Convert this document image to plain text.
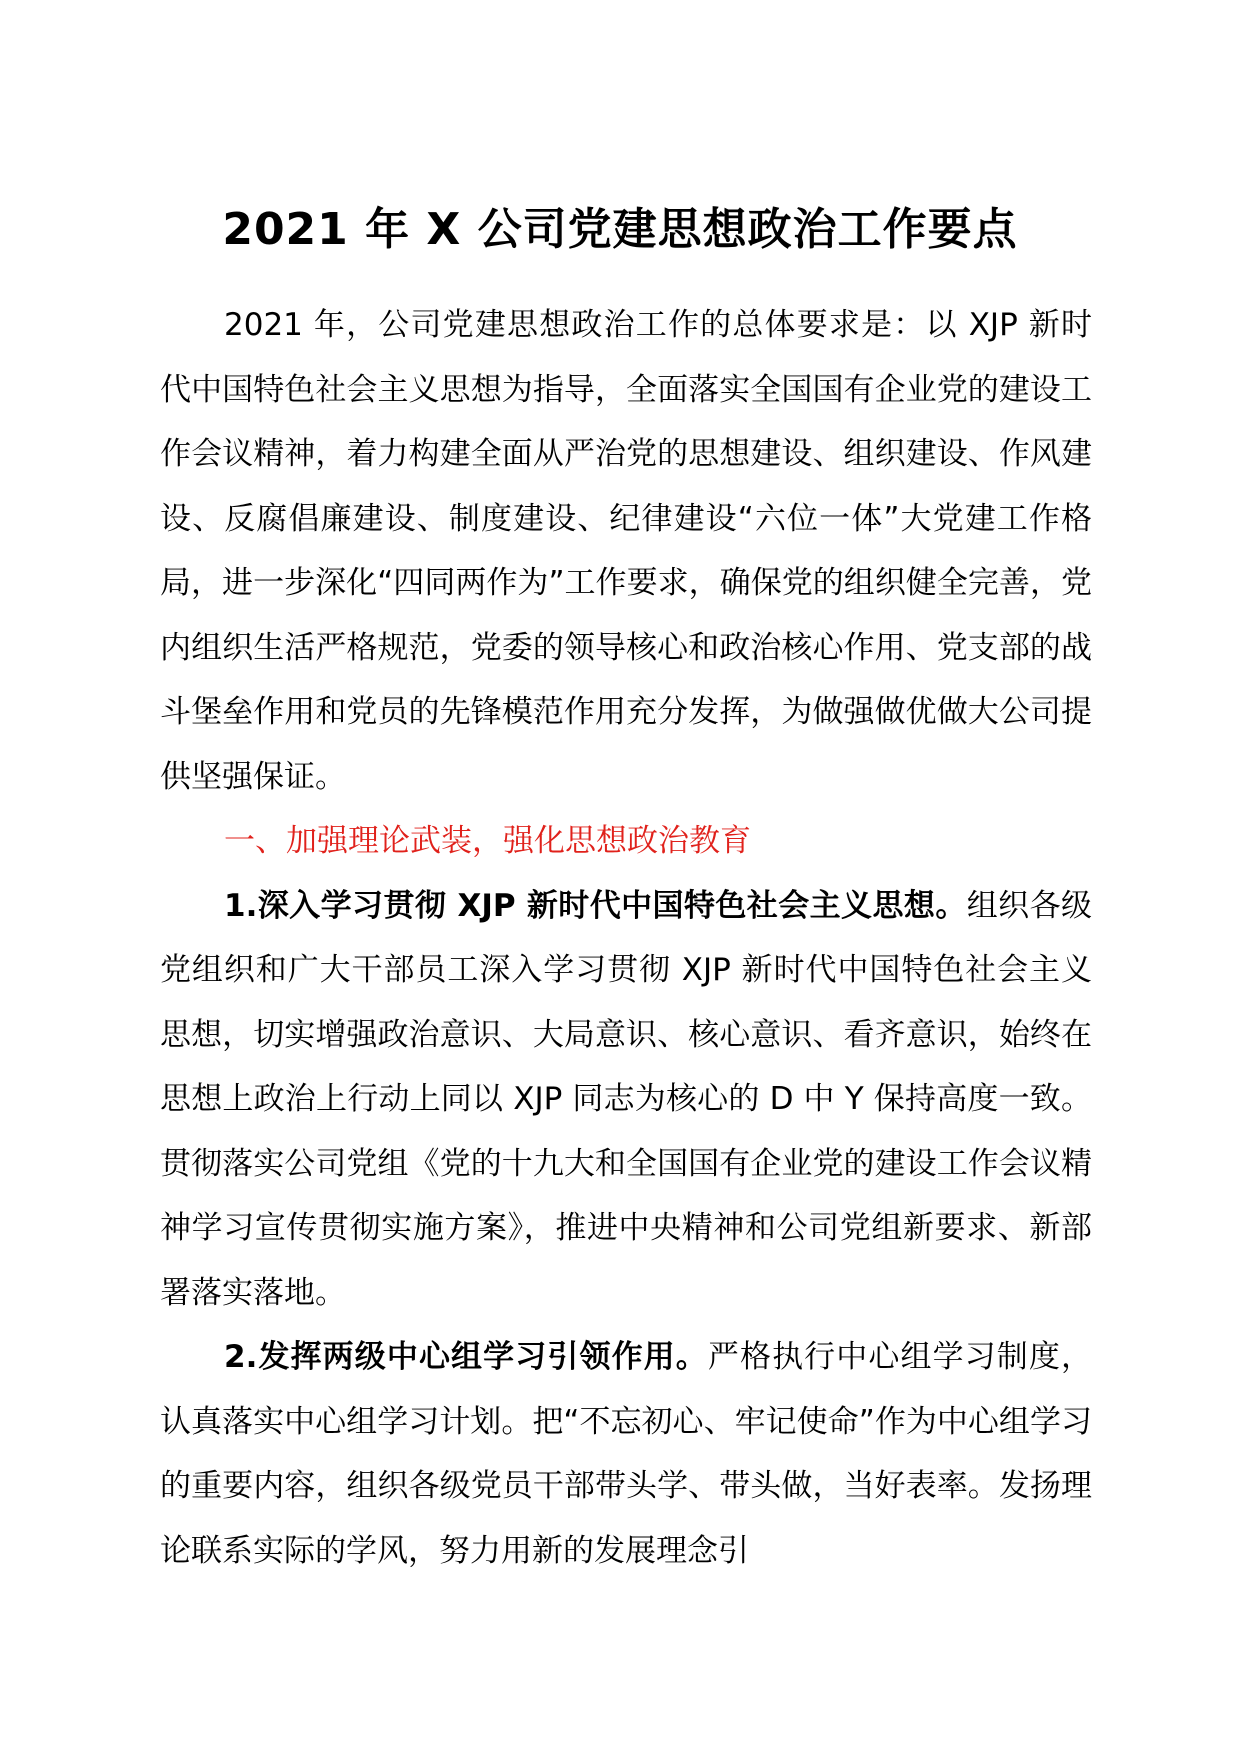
2021 年 X 公司党建思想政治工作要点

2021 年，公司党建思想政治工作的总体要求是：以 XJP 新时代中国特色社会主义思想为指导，全面落实全国国有企业党的建设工作会议精神，着力构建全面从严治党的思想建设、组织建设、作风建设、反腐倡廉建设、制度建设、纪律建设“六位一体”大党建工作格局，进一步深化“四同两作为”工作要求，确保党的组织健全完善，党内组织生活严格规范，党委的领导核心和政治核心作用、党支部的战斗堡垒作用和党员的先锋模范作用充分发挥，为做强做优做大公司提供坚强保证。

一、加强理论武装，强化思想政治教育

1.深入学习贯彻 XJP 新时代中国特色社会主义思想。组织各级党组织和广大干部员工深入学习贯彻 XJP 新时代中国特色社会主义思想，切实增强政治意识、大局意识、核心意识、看齐意识，始终在思想上政治上行动上同以 XJP 同志为核心的 D 中 Y 保持高度一致。贯彻落实公司党组《党的十九大和全国国有企业党的建设工作会议精神学习宣传贯彻实施方案》，推进中央精神和公司党组新要求、新部署落实落地。

2.发挥两级中心组学习引领作用。严格执行中心组学习制度，认真落实中心组学习计划。把“不忘初心、牢记使命”作为中心组学习的重要内容，组织各级党员干部带头学、带头做，当好表率。发扬理论联系实际的学风，努力用新的发展理念引
